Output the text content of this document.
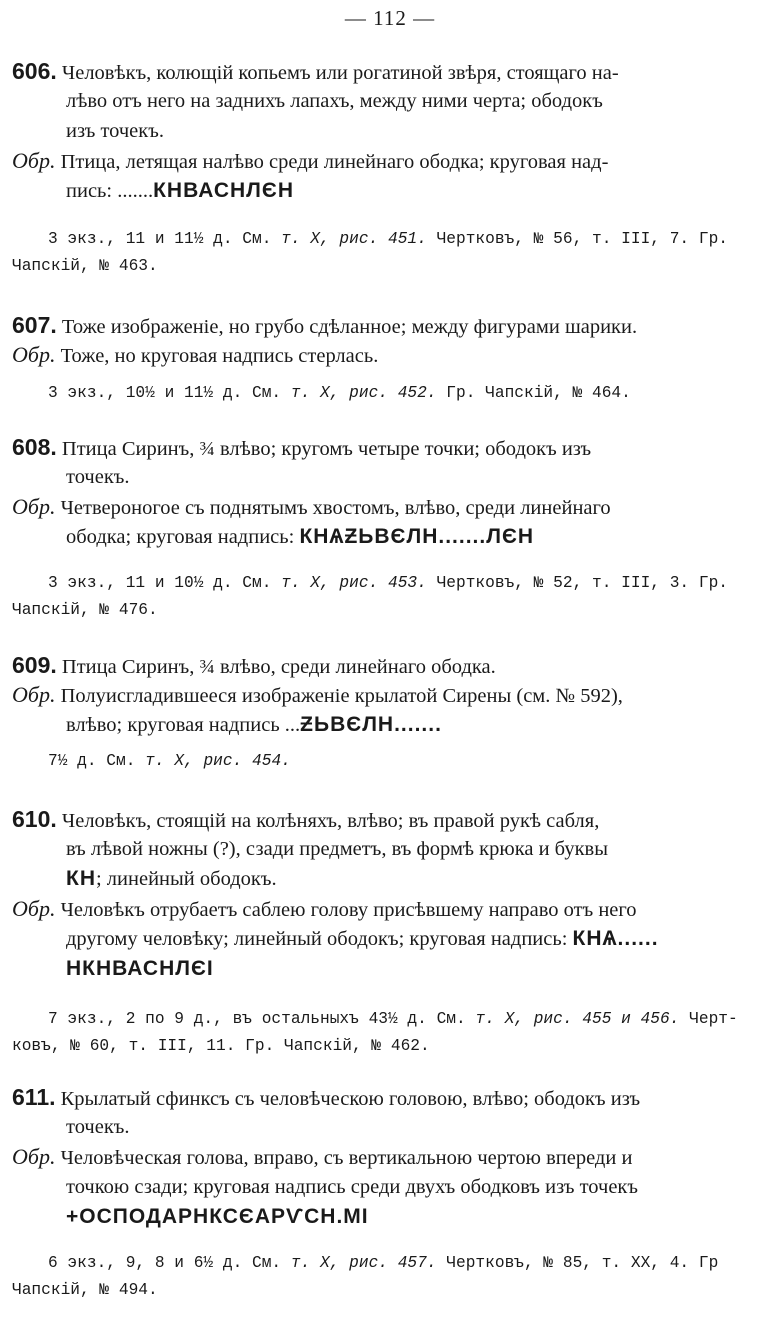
— 112 —
606. Человѣкъ, колющій копьемъ или рогатиной звѣря, стоящаго на-
лѣво отъ него на заднихъ лапахъ, между ними черта; ободокъ
изъ точекъ.
Обр. Птица, летящая налѣво среди линейнаго ободка; круговая над-
пись: .......КНВАСНЛЄН
3 экз., 11 и 11½ д. См. т. X, рис. 451. Чертковъ, № 56, т. III, 7. Гр.
Чапскій, № 463.
607. Тоже изображеніе, но грубо сдѣланное; между фигурами шарики.
Обр. Тоже, но круговая надпись стерлась.
3 экз., 10½ и 11½ д. См. т. X, рис. 452. Гр. Чапскій, № 464.
608. Птица Сиринъ, ¾ влѣво; кругомъ четыре точки; ободокъ изъ
точекъ.
Обр. Четвероногое съ поднятымъ хвостомъ, влѣво, среди линейнаго
ободка; круговая надпись: КНѦƵЬВЄЛН.......ЛЄН
3 экз., 11 и 10½ д. См. т. X, рис. 453. Чертковъ, № 52, т. III, 3. Гр.
Чапскій, № 476.
609. Птица Сиринъ, ¾ влѣво, среди линейнаго ободка.
Обр. Полуисгладившееся изображеніе крылатой Сирены (см. № 592),
влѣво; круговая надпись ...ƵЬВЄЛН.......
7½ д. См. т. X, рис. 454.
610. Человѣкъ, стоящій на колѣняхъ, влѣво; въ правой рукѣ сабля,
въ лѣвой ножны (?), сзади предметъ, въ формѣ крюка и буквы
КН; линейный ободокъ.
Обр. Человѣкъ отрубаетъ саблею голову присѣвшему направо отъ него
другому человѣку; линейный ободокъ; круговая надпись: КНѦ......
НКНВАСНЛЄІ
7 экз., 2 по 9 д., въ остальныхъ 43½ д. См. т. X, рис. 455 и 456. Черт-
ковъ, № 60, т. III, 11. Гр. Чапскій, № 462.
611. Крылатый сфинксъ съ человѣческою головою, влѣво; ободокъ изъ
точекъ.
Обр. Человѣческая голова, вправо, съ вертикальною чертою впереди и
точкою сзади; круговая надпись среди двухъ ободковъ изъ точекъ
+ОСПОДАРНКСЄАРѴСН.МІ
6 экз., 9, 8 и 6½ д. См. т. X, рис. 457. Чертковъ, № 85, т. XX, 4. Гр
Чапскій, № 494.
